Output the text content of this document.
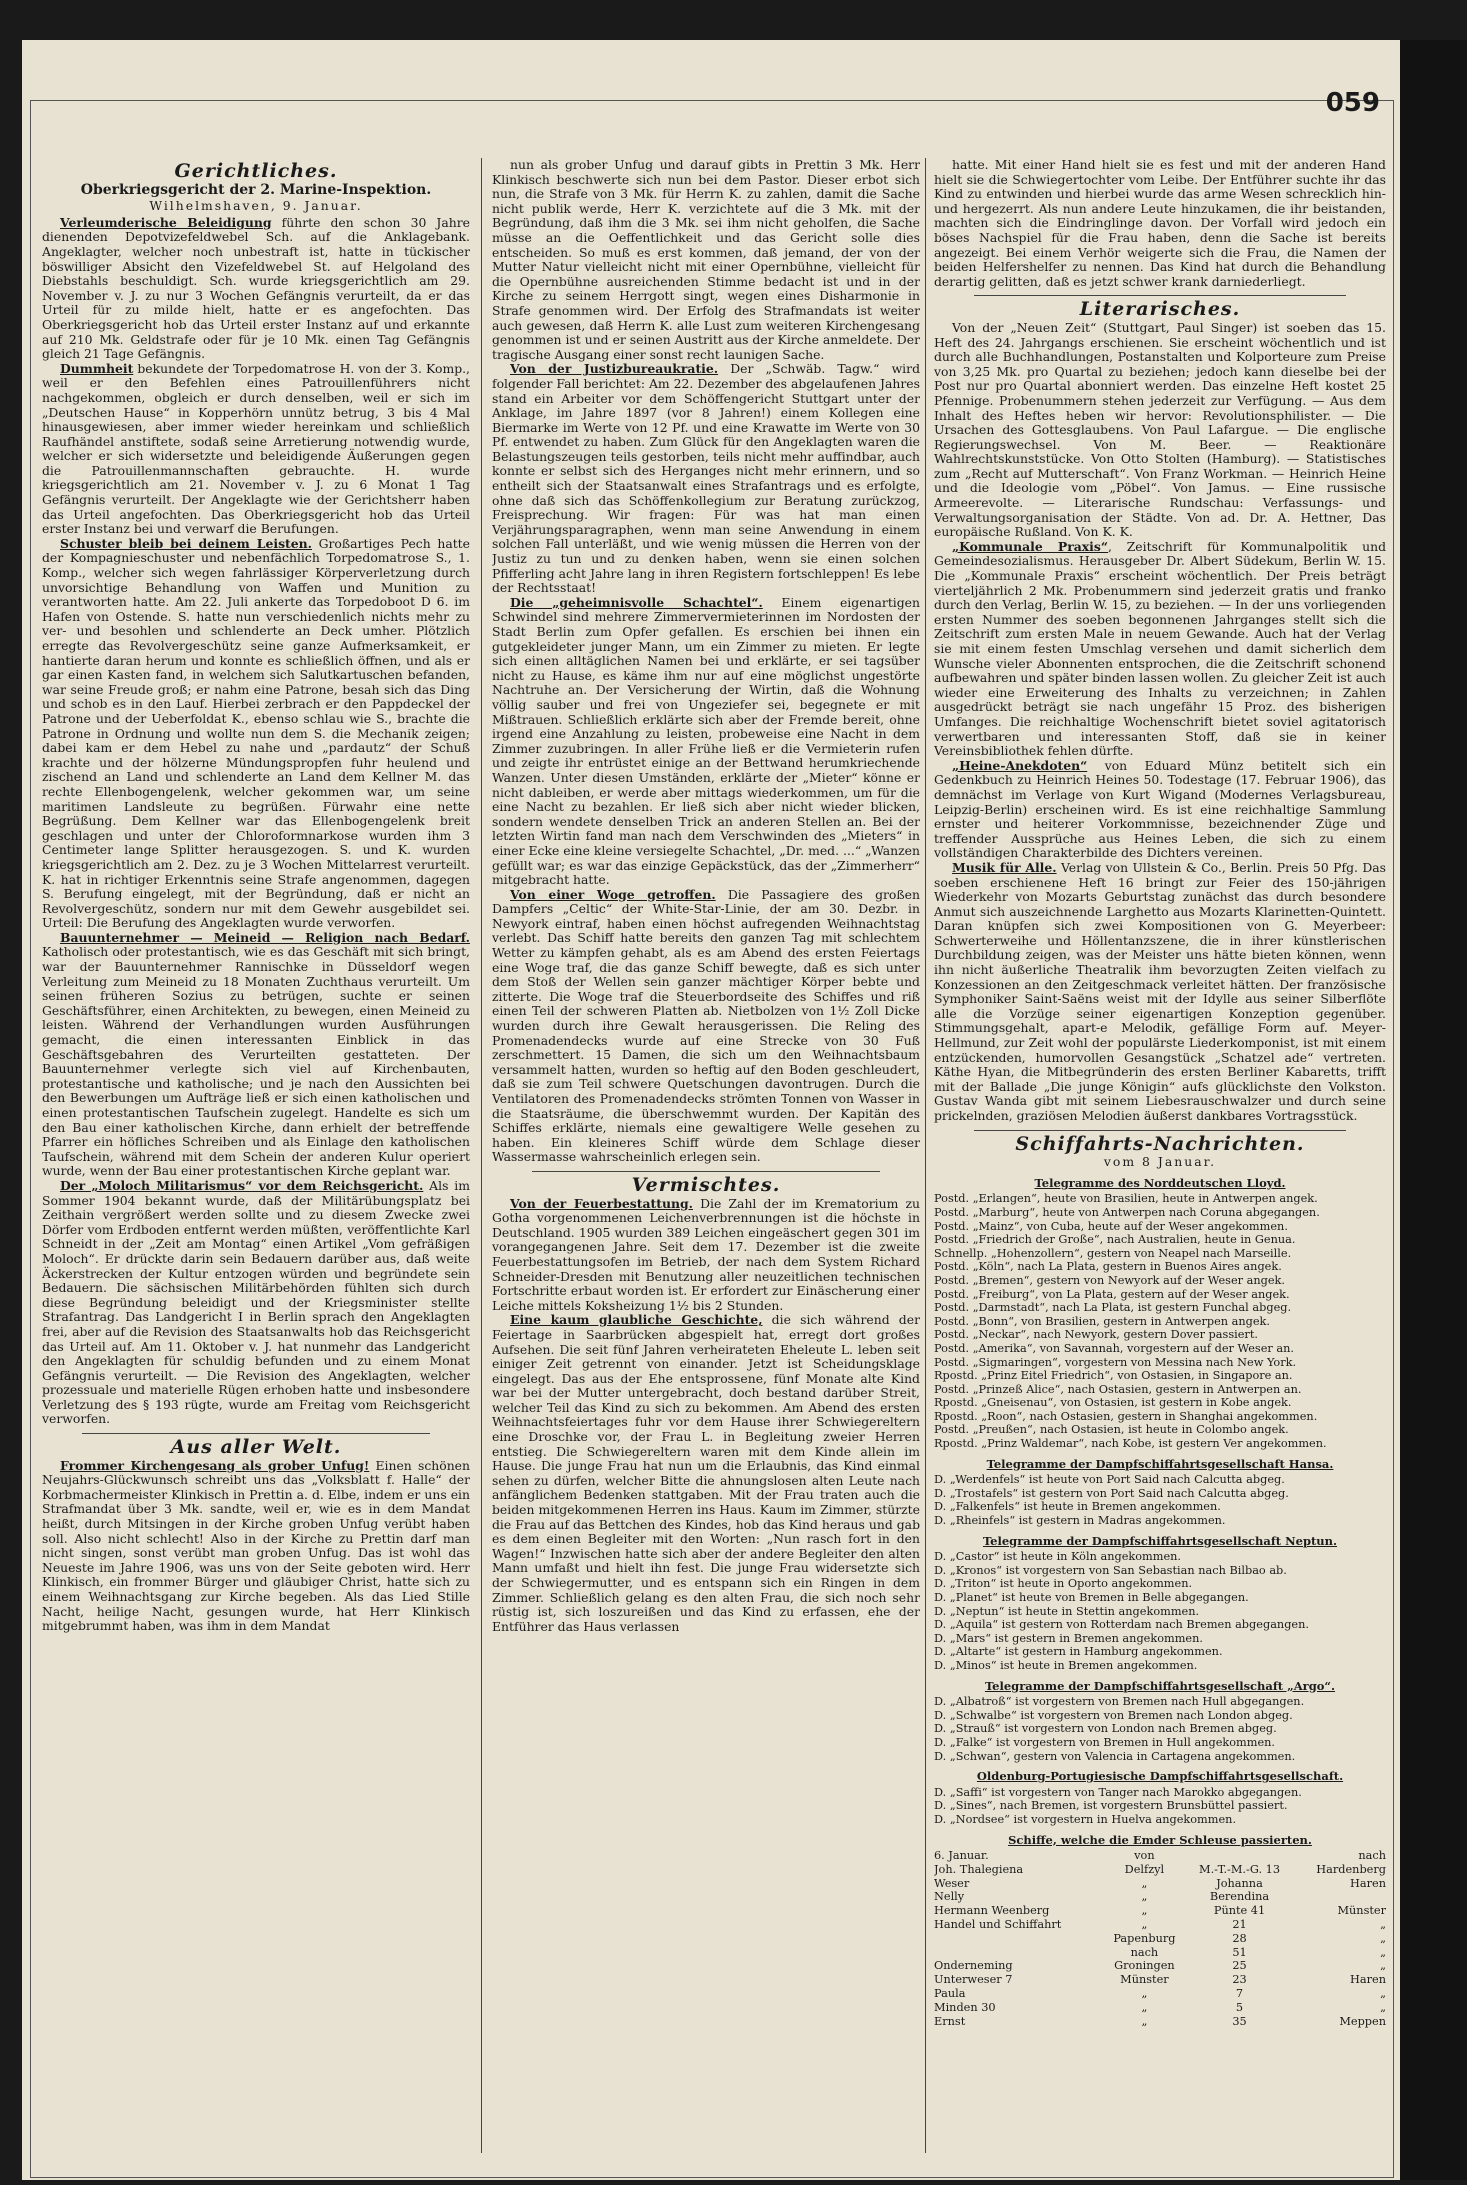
059
Gerichtliches.
Oberkriegsgericht der 2. Marine-Inspektion.
Wilhelmshaven, 9. Januar.

Verleumderische Beleidigung führte den schon 30 Jahre dienenden Depotvizefeldwebel Sch. auf die Anklagebank. Angeklagter, welcher noch unbestraft ist, hatte in tückischer böswilliger Absicht den Vizefeldwebel St. auf Helgoland des Diebstahls beschuldigt. Sch. wurde kriegsgerichtlich am 29. November v. J. zu nur 3 Wochen Gefängnis verurteilt, da er das Urteil für zu milde hielt, hatte er es angefochten. Das Oberkriegsgericht hob das Urteil erster Instanz auf und erkannte auf 210 Mk. Geldstrafe oder für je 10 Mk. einen Tag Gefängnis gleich 21 Tage Gefängnis.

Dummheit bekundete der Torpedomatrose H. von der 3. Komp., weil er den Befehlen eines Patrouillenführers nicht nachgekommen, obgleich er durch denselben, weil er sich im „Deutschen Hause“ in Kopperhörn unnütz betrug, 3 bis 4 Mal hinausgewiesen, aber immer wieder hereinkam und schließlich Raufhändel anstiftete, sodaß seine Arretierung notwendig wurde, welcher er sich widersetzte und beleidigende Äußerungen gegen die Patrouillenmannschaften gebrauchte. H. wurde kriegsgerichtlich am 21. November v. J. zu 6 Monat 1 Tag Gefängnis verurteilt. Der Angeklagte wie der Gerichtsherr haben das Urteil angefochten. Das Oberkriegsgericht hob das Urteil erster Instanz bei und verwarf die Berufungen.

Schuster bleib bei deinem Leisten. Großartiges Pech hatte der Kompagnieschuster und nebenfächlich Torpedomatrose S., 1. Komp., welcher sich wegen fahrlässiger Körperverletzung durch unvorsichtige Behandlung von Waffen und Munition zu verantworten hatte. Am 22. Juli ankerte das Torpedoboot D 6. im Hafen von Ostende. S. hatte nun verschiedenlich nichts mehr zu ver- und besohlen und schlenderte an Deck umher. Plötzlich erregte das Revolvergeschütz seine ganze Aufmerksamkeit, er hantierte daran herum und konnte es schließlich öffnen, und als er gar einen Kasten fand, in welchem sich Salutkartuschen befanden, war seine Freude groß; er nahm eine Patrone, besah sich das Ding und schob es in den Lauf. Hierbei zerbrach er den Pappdeckel der Patrone und der Ueberfoldat K., ebenso schlau wie S., brachte die Patrone in Ordnung und wollte nun dem S. die Mechanik zeigen; dabei kam er dem Hebel zu nahe und „pardautz“ der Schuß krachte und der hölzerne Mündungspropfen fuhr heulend und zischend an Land und schlenderte an Land dem Kellner M. das rechte Ellenbogengelenk, welcher gekommen war, um seine maritimen Landsleute zu begrüßen. Fürwahr eine nette Begrüßung. Dem Kellner war das Ellenbogengelenk breit geschlagen und unter der Chloroformnarkose wurden ihm 3 Centimeter lange Splitter herausgezogen. S. und K. wurden kriegsgerichtlich am 2. Dez. zu je 3 Wochen Mittelarrest verurteilt. K. hat in richtiger Erkenntnis seine Strafe angenommen, dagegen S. Berufung eingelegt, mit der Begründung, daß er nicht an Revolvergeschütz, sondern nur mit dem Gewehr ausgebildet sei. Urteil: Die Berufung des Angeklagten wurde verworfen.

Bauunternehmer — Meineid — Religion nach Bedarf. Katholisch oder protestantisch, wie es das Geschäft mit sich bringt, war der Bauunternehmer Rannischke in Düsseldorf wegen Verleitung zum Meineid zu 18 Monaten Zuchthaus verurteilt. Um seinen früheren Sozius zu betrügen, suchte er seinen Geschäftsführer, einen Architekten, zu bewegen, einen Meineid zu leisten. Während der Verhandlungen wurden Ausführungen gemacht, die einen interessanten Einblick in das Geschäftsgebahren des Verurteilten gestatteten. Der Bauunternehmer verlegte sich viel auf Kirchenbauten, protestantische und katholische; und je nach den Aussichten bei den Bewerbungen um Aufträge ließ er sich einen katholischen und einen protestantischen Taufschein zugelegt. Handelte es sich um den Bau einer katholischen Kirche, dann erhielt der betreffende Pfarrer ein höfliches Schreiben und als Einlage den katholischen Taufschein, während mit dem Schein der anderen Kulur operiert wurde, wenn der Bau einer protestantischen Kirche geplant war.

Der „Moloch Militarismus“ vor dem Reichsgericht. Als im Sommer 1904 bekannt wurde, daß der Militärübungsplatz bei Zeithain vergrößert werden sollte und zu diesem Zwecke zwei Dörfer vom Erdboden entfernt werden müßten, veröffentlichte Karl Schneidt in der „Zeit am Montag“ einen Artikel „Vom gefräßigen Moloch“. Er drückte darin sein Bedauern darüber aus, daß weite Äckerstrecken der Kultur entzogen würden und begründete sein Bedauern. Die sächsischen Militärbehörden fühlten sich durch diese Begründung beleidigt und der Kriegsminister stellte Strafantrag. Das Landgericht I in Berlin sprach den Angeklagten frei, aber auf die Revision des Staatsanwalts hob das Reichsgericht das Urteil auf. Am 11. Oktober v. J. hat nunmehr das Landgericht den Angeklagten für schuldig befunden und zu einem Monat Gefängnis verurteilt. — Die Revision des Angeklagten, welcher prozessuale und materielle Rügen erhoben hatte und insbesondere Verletzung des § 193 rügte, wurde am Freitag vom Reichsgericht verworfen.

Aus aller Welt.

Frommer Kirchengesang als grober Unfug! Einen schönen Neujahrs-Glückwunsch schreibt uns das „Volksblatt f. Halle“ der Korbmachermeister Klinkisch in Prettin a. d. Elbe, indem er uns ein Strafmandat über 3 Mk. sandte, weil er, wie es in dem Mandat heißt, durch Mitsingen in der Kirche groben Unfug verübt haben soll. Also nicht schlecht! Also in der Kirche zu Prettin darf man nicht singen, sonst verübt man groben Unfug. Das ist wohl das Neueste im Jahre 1906, was uns von der Seite geboten wird. Herr Klinkisch, ein frommer Bürger und gläubiger Christ, hatte sich zu einem Weihnachtsgang zur Kirche begeben. Als das Lied Stille Nacht, heilige Nacht, gesungen wurde, hat Herr Klinkisch mitgebrummt haben, was ihm in dem Mandat

nun als grober Unfug und darauf gibts in Prettin 3 Mk. Herr Klinkisch beschwerte sich nun bei dem Pastor. Dieser erbot sich nun, die Strafe von 3 Mk. für Herrn K. zu zahlen, damit die Sache nicht publik werde, Herr K. verzichtete auf die 3 Mk. mit der Begründung, daß ihm die 3 Mk. sei ihm nicht geholfen, die Sache müsse an die Oeffentlichkeit und das Gericht solle dies entscheiden. So muß es erst kommen, daß jemand, der von der Mutter Natur vielleicht nicht mit einer Opernbühne, vielleicht für die Opernbühne ausreichenden Stimme bedacht ist und in der Kirche zu seinem Herrgott singt, wegen eines Disharmonie in Strafe genommen wird. Der Erfolg des Strafmandats ist weiter auch gewesen, daß Herrn K. alle Lust zum weiteren Kirchengesang genommen ist und er seinen Austritt aus der Kirche anmeldete. Der tragische Ausgang einer sonst recht launigen Sache.

Von der Justizbureaukratie. Der „Schwäb. Tagw.“ wird folgender Fall berichtet: Am 22. Dezember des abgelaufenen Jahres stand ein Arbeiter vor dem Schöffengericht Stuttgart unter der Anklage, im Jahre 1897 (vor 8 Jahren!) einem Kollegen eine Biermarke im Werte von 12 Pf. und eine Krawatte im Werte von 30 Pf. entwendet zu haben. Zum Glück für den Angeklagten waren die Belastungszeugen teils gestorben, teils nicht mehr auffindbar, auch konnte er selbst sich des Herganges nicht mehr erinnern, und so entheilt sich der Staatsanwalt eines Strafantrags und es erfolgte, ohne daß sich das Schöffenkollegium zur Beratung zurückzog, Freisprechung. Wir fragen: Für was hat man einen Verjährungsparagraphen, wenn man seine Anwendung in einem solchen Fall unterläßt, und wie wenig müssen die Herren von der Justiz zu tun und zu denken haben, wenn sie einen solchen Pfifferling acht Jahre lang in ihren Registern fortschleppen! Es lebe der Rechtsstaat!

Die „geheimnisvolle Schachtel“. Einem eigenartigen Schwindel sind mehrere Zimmervermieterinnen im Nordosten der Stadt Berlin zum Opfer gefallen. Es erschien bei ihnen ein gutgekleideter junger Mann, um ein Zimmer zu mieten. Er legte sich einen alltäglichen Namen bei und erklärte, er sei tagsüber nicht zu Hause, es käme ihm nur auf eine möglichst ungestörte Nachtruhe an. Der Versicherung der Wirtin, daß die Wohnung völlig sauber und frei von Ungeziefer sei, begegnete er mit Mißtrauen. Schließlich erklärte sich aber der Fremde bereit, ohne irgend eine Anzahlung zu leisten, probeweise eine Nacht in dem Zimmer zuzubringen. In aller Frühe ließ er die Vermieterin rufen und zeigte ihr entrüstet einige an der Bettwand herumkriechende Wanzen. Unter diesen Umständen, erklärte der „Mieter“ könne er nicht dableiben, er werde aber mittags wiederkommen, um für die eine Nacht zu bezahlen. Er ließ sich aber nicht wieder blicken, sondern wendete denselben Trick an anderen Stellen an. Bei der letzten Wirtin fand man nach dem Verschwinden des „Mieters“ in einer Ecke eine kleine versiegelte Schachtel, „Dr. med. ...“ „Wanzen gefüllt war; es war das einzige Gepäckstück, das der „Zimmerherr“ mitgebracht hatte.

Von einer Woge getroffen. Die Passagiere des großen Dampfers „Celtic“ der White-Star-Linie, der am 30. Dezbr. in Newyork eintraf, haben einen höchst aufregenden Weihnachtstag verlebt. Das Schiff hatte bereits den ganzen Tag mit schlechtem Wetter zu kämpfen gehabt, als es am Abend des ersten Feiertags eine Woge traf, die das ganze Schiff bewegte, daß es sich unter dem Stoß der Wellen sein ganzer mächtiger Körper bebte und zitterte. Die Woge traf die Steuerbordseite des Schiffes und riß einen Teil der schweren Platten ab. Nietbolzen von 1½ Zoll Dicke wurden durch ihre Gewalt herausgerissen. Die Reling des Promenadendecks wurde auf eine Strecke von 30 Fuß zerschmettert. 15 Damen, die sich um den Weihnachtsbaum versammelt hatten, wurden so heftig auf den Boden geschleudert, daß sie zum Teil schwere Quetschungen davontrugen. Durch die Ventilatoren des Promenadendecks strömten Tonnen von Wasser in die Staatsräume, die überschwemmt wurden. Der Kapitän des Schiffes erklärte, niemals eine gewaltigere Welle gesehen zu haben. Ein kleineres Schiff würde dem Schlage dieser Wassermasse wahrscheinlich erlegen sein.

Vermischtes.

Von der Feuerbestattung. Die Zahl der im Krematorium zu Gotha vorgenommenen Leichenverbrennungen ist die höchste in Deutschland. 1905 wurden 389 Leichen eingeäschert gegen 301 im vorangegangenen Jahre. Seit dem 17. Dezember ist die zweite Feuerbestattungsofen im Betrieb, der nach dem System Richard Schneider-Dresden mit Benutzung aller neuzeitlichen technischen Fortschritte erbaut worden ist. Er erfordert zur Einäscherung einer Leiche mittels Koksheizung 1½ bis 2 Stunden.

Eine kaum glaubliche Geschichte, die sich während der Feiertage in Saarbrücken abgespielt hat, erregt dort großes Aufsehen. Die seit fünf Jahren verheirateten Eheleute L. leben seit einiger Zeit getrennt von einander. Jetzt ist Scheidungsklage eingelegt. Das aus der Ehe entsprossene, fünf Monate alte Kind war bei der Mutter untergebracht, doch bestand darüber Streit, welcher Teil das Kind zu sich zu bekommen. Am Abend des ersten Weihnachtsfeiertages fuhr vor dem Hause ihrer Schwiegereltern eine Droschke vor, der Frau L. in Begleitung zweier Herren entstieg. Die Schwiegereltern waren mit dem Kinde allein im Hause. Die junge Frau hat nun um die Erlaubnis, das Kind einmal sehen zu dürfen, welcher Bitte die ahnungslosen alten Leute nach anfänglichem Bedenken stattgaben. Mit der Frau traten auch die beiden mitgekommenen Herren ins Haus. Kaum im Zimmer, stürzte die Frau auf das Bettchen des Kindes, hob das Kind heraus und gab es dem einen Begleiter mit den Worten: „Nun rasch fort in den Wagen!“ Inzwischen hatte sich aber der andere Begleiter den alten Mann umfaßt und hielt ihn fest. Die junge Frau widersetzte sich der Schwiegermutter, und es entspann sich ein Ringen in dem Zimmer. Schließlich gelang es den alten Frau, die sich noch sehr rüstig ist, sich loszureißen und das Kind zu erfassen, ehe der Entführer das Haus verlassen

hatte. Mit einer Hand hielt sie es fest und mit der anderen Hand hielt sie die Schwiegertochter vom Leibe. Der Entführer suchte ihr das Kind zu entwinden und hierbei wurde das arme Wesen schrecklich hin- und hergezerrt. Als nun andere Leute hinzukamen, die ihr beistanden, machten sich die Eindringlinge davon. Der Vorfall wird jedoch ein böses Nachspiel für die Frau haben, denn die Sache ist bereits angezeigt. Bei einem Verhör weigerte sich die Frau, die Namen der beiden Helfershelfer zu nennen. Das Kind hat durch die Behandlung derartig gelitten, daß es jetzt schwer krank darniederliegt.

Literarisches.

Von der „Neuen Zeit“ (Stuttgart, Paul Singer) ist soeben das 15. Heft des 24. Jahrgangs erschienen. Sie erscheint wöchentlich und ist durch alle Buchhandlungen, Postanstalten und Kolporteure zum Preise von 3,25 Mk. pro Quartal zu beziehen; jedoch kann dieselbe bei der Post nur pro Quartal abonniert werden. Das einzelne Heft kostet 25 Pfennige. Probenummern stehen jederzeit zur Verfügung. — Aus dem Inhalt des Heftes heben wir hervor: Revolutionsphilister. — Die Ursachen des Gottesglaubens. Von Paul Lafargue. — Die englische Regierungswechsel. Von M. Beer. — Reaktionäre Wahlrechtskunststücke. Von Otto Stolten (Hamburg). — Statistisches zum „Recht auf Mutterschaft“. Von Franz Workman. — Heinrich Heine und die Ideologie vom „Pöbel“. Von Jamus. — Eine russische Armeerevolte. — Literarische Rundschau: Verfassungs- und Verwaltungsorganisation der Städte. Von ad. Dr. A. Hettner, Das europäische Rußland. Von K. K.

„Kommunale Praxis“, Zeitschrift für Kommunalpolitik und Gemeindesozialismus. Herausgeber Dr. Albert Südekum, Berlin W. 15. Die „Kommunale Praxis“ erscheint wöchentlich. Der Preis beträgt vierteljährlich 2 Mk. Probenummern sind jederzeit gratis und franko durch den Verlag, Berlin W. 15, zu beziehen. — In der uns vorliegenden ersten Nummer des soeben begonnenen Jahrganges stellt sich die Zeitschrift zum ersten Male in neuem Gewande. Auch hat der Verlag sie mit einem festen Umschlag versehen und damit sicherlich dem Wunsche vieler Abonnenten entsprochen, die die Zeitschrift schonend aufbewahren und später binden lassen wollen. Zu gleicher Zeit ist auch wieder eine Erweiterung des Inhalts zu verzeichnen; in Zahlen ausgedrückt beträgt sie nach ungefähr 15 Proz. des bisherigen Umfanges. Die reichhaltige Wochenschrift bietet soviel agitatorisch verwertbaren und interessanten Stoff, daß sie in keiner Vereinsbibliothek fehlen dürfte.

„Heine-Anekdoten“ von Eduard Münz betitelt sich ein Gedenkbuch zu Heinrich Heines 50. Todestage (17. Februar 1906), das demnächst im Verlage von Kurt Wigand (Modernes Verlagsbureau, Leipzig-Berlin) erscheinen wird. Es ist eine reichhaltige Sammlung ernster und heiterer Vorkommnisse, bezeichnender Züge und treffender Aussprüche aus Heines Leben, die sich zu einem vollständigen Charakterbilde des Dichters vereinen.

Musik für Alle. Verlag von Ullstein & Co., Berlin. Preis 50 Pfg. Das soeben erschienene Heft 16 bringt zur Feier des 150-jährigen Wiederkehr von Mozarts Geburtstag zunächst das durch besondere Anmut sich auszeichnende Larghetto aus Mozarts Klarinetten-Quintett. Daran knüpfen sich zwei Kompositionen von G. Meyerbeer: Schwerterweihe und Höllentanzszene, die in ihrer künstlerischen Durchbildung zeigen, was der Meister uns hätte bieten können, wenn ihn nicht äußerliche Theatralik ihm bevorzugten Zeiten vielfach zu Konzessionen an den Zeitgeschmack verleitet hätten. Der französische Symphoniker Saint-Saëns weist mit der Idylle aus seiner Silberflöte alle die Vorzüge seiner eigenartigen Konzeption gegenüber. Stimmungsgehalt, apart-e Melodik, gefällige Form auf. Meyer-Hellmund, zur Zeit wohl der populärste Liederkomponist, ist mit einem entzückenden, humorvollen Gesangstück „Schatzel ade“ vertreten. Käthe Hyan, die Mitbegründerin des ersten Berliner Kabaretts, trifft mit der Ballade „Die junge Königin“ aufs glücklichste den Volkston. Gustav Wanda gibt mit seinem Liebesrauschwalzer und durch seine prickelnden, graziösen Melodien äußerst dankbares Vortragsstück.

Schiffahrts-Nachrichten.
vom 8 Januar.
Telegramme des Norddeutschen Lloyd.

Postd. „Erlangen“, heute von Brasilien, heute in Antwerpen angek.

Postd. „Marburg“, heute von Antwerpen nach Coruna abgegangen.

Postd. „Mainz“, von Cuba, heute auf der Weser angekommen.

Postd. „Friedrich der Große“, nach Australien, heute in Genua.

Schnellp. „Hohenzollern“, gestern von Neapel nach Marseille.

Postd. „Köln“, nach La Plata, gestern in Buenos Aires angek.

Postd. „Bremen“, gestern von Newyork auf der Weser angek.

Postd. „Freiburg“, von La Plata, gestern auf der Weser angek.

Postd. „Darmstadt“, nach La Plata, ist gestern Funchal abgeg.

Postd. „Bonn“, von Brasilien, gestern in Antwerpen angek.

Postd. „Neckar“, nach Newyork, gestern Dover passiert.

Postd. „Amerika“, von Savannah, vorgestern auf der Weser an.

Postd. „Sigmaringen“, vorgestern von Messina nach New York.

Rpostd. „Prinz Eitel Friedrich“, von Ostasien, in Singapore an.

Postd. „Prinzeß Alice“, nach Ostasien, gestern in Antwerpen an.

Rpostd. „Gneisenau“, von Ostasien, ist gestern in Kobe angek.

Rpostd. „Roon“, nach Ostasien, gestern in Shanghai angekommen.

Postd. „Preußen“, nach Ostasien, ist heute in Colombo angek.

Rpostd. „Prinz Waldemar“, nach Kobe, ist gestern Ver angekommen.

Telegramme der Dampfschiffahrtsgesellschaft Hansa.

D. „Werdenfels“ ist heute von Port Said nach Calcutta abgeg.

D. „Trostafels“ ist gestern von Port Said nach Calcutta abgeg.

D. „Falkenfels“ ist heute in Bremen angekommen.

D. „Rheinfels“ ist gestern in Madras angekommen.

Telegramme der Dampfschiffahrtsgesellschaft Neptun.

D. „Castor“ ist heute in Köln angekommen.

D. „Kronos“ ist vorgestern von San Sebastian nach Bilbao ab.

D. „Triton“ ist heute in Oporto angekommen.

D. „Planet“ ist heute von Bremen in Belle abgegangen.

D. „Neptun“ ist heute in Stettin angekommen.

D. „Aquila“ ist gestern von Rotterdam nach Bremen abgegangen.

D. „Mars“ ist gestern in Bremen angekommen.

D. „Altarte“ ist gestern in Hamburg angekommen.

D. „Minos“ ist heute in Bremen angekommen.

Telegramme der Dampfschiffahrtsgesellschaft „Argo“.

D. „Albatroß“ ist vorgestern von Bremen nach Hull abgegangen.

D. „Schwalbe“ ist vorgestern von Bremen nach London abgeg.

D. „Strauß“ ist vorgestern von London nach Bremen abgeg.

D. „Falke“ ist vorgestern von Bremen in Hull angekommen.

D. „Schwan“, gestern von Valencia in Cartagena angekommen.

Oldenburg-Portugiesische Dampfschiffahrtsgesellschaft.

D. „Saffi“ ist vorgestern von Tanger nach Marokko abgegangen.

D. „Sines“, nach Bremen, ist vorgestern Brunsbüttel passiert.

D. „Nordsee“ ist vorgestern in Huelva angekommen.

Schiffe, welche die Emder Schleuse passierten.
6. Januar.	von		nach
Joh. Thalegiena	Delfzyl	M.-T.-M.-G. 13	Hardenberg
Weser	„	Johanna	Haren
Nelly	„	Berendina	
Hermann Weenberg	„	Pünte 41	Münster
Handel und Schiffahrt	„	21	„
	Papenburg	28	„
	nach	51	„
Onderneming	Groningen	25	„
Unterweser 7	Münster	23	Haren
Paula	„	7	„
Minden 30	„	5	„
Ernst	„	35	Meppen
